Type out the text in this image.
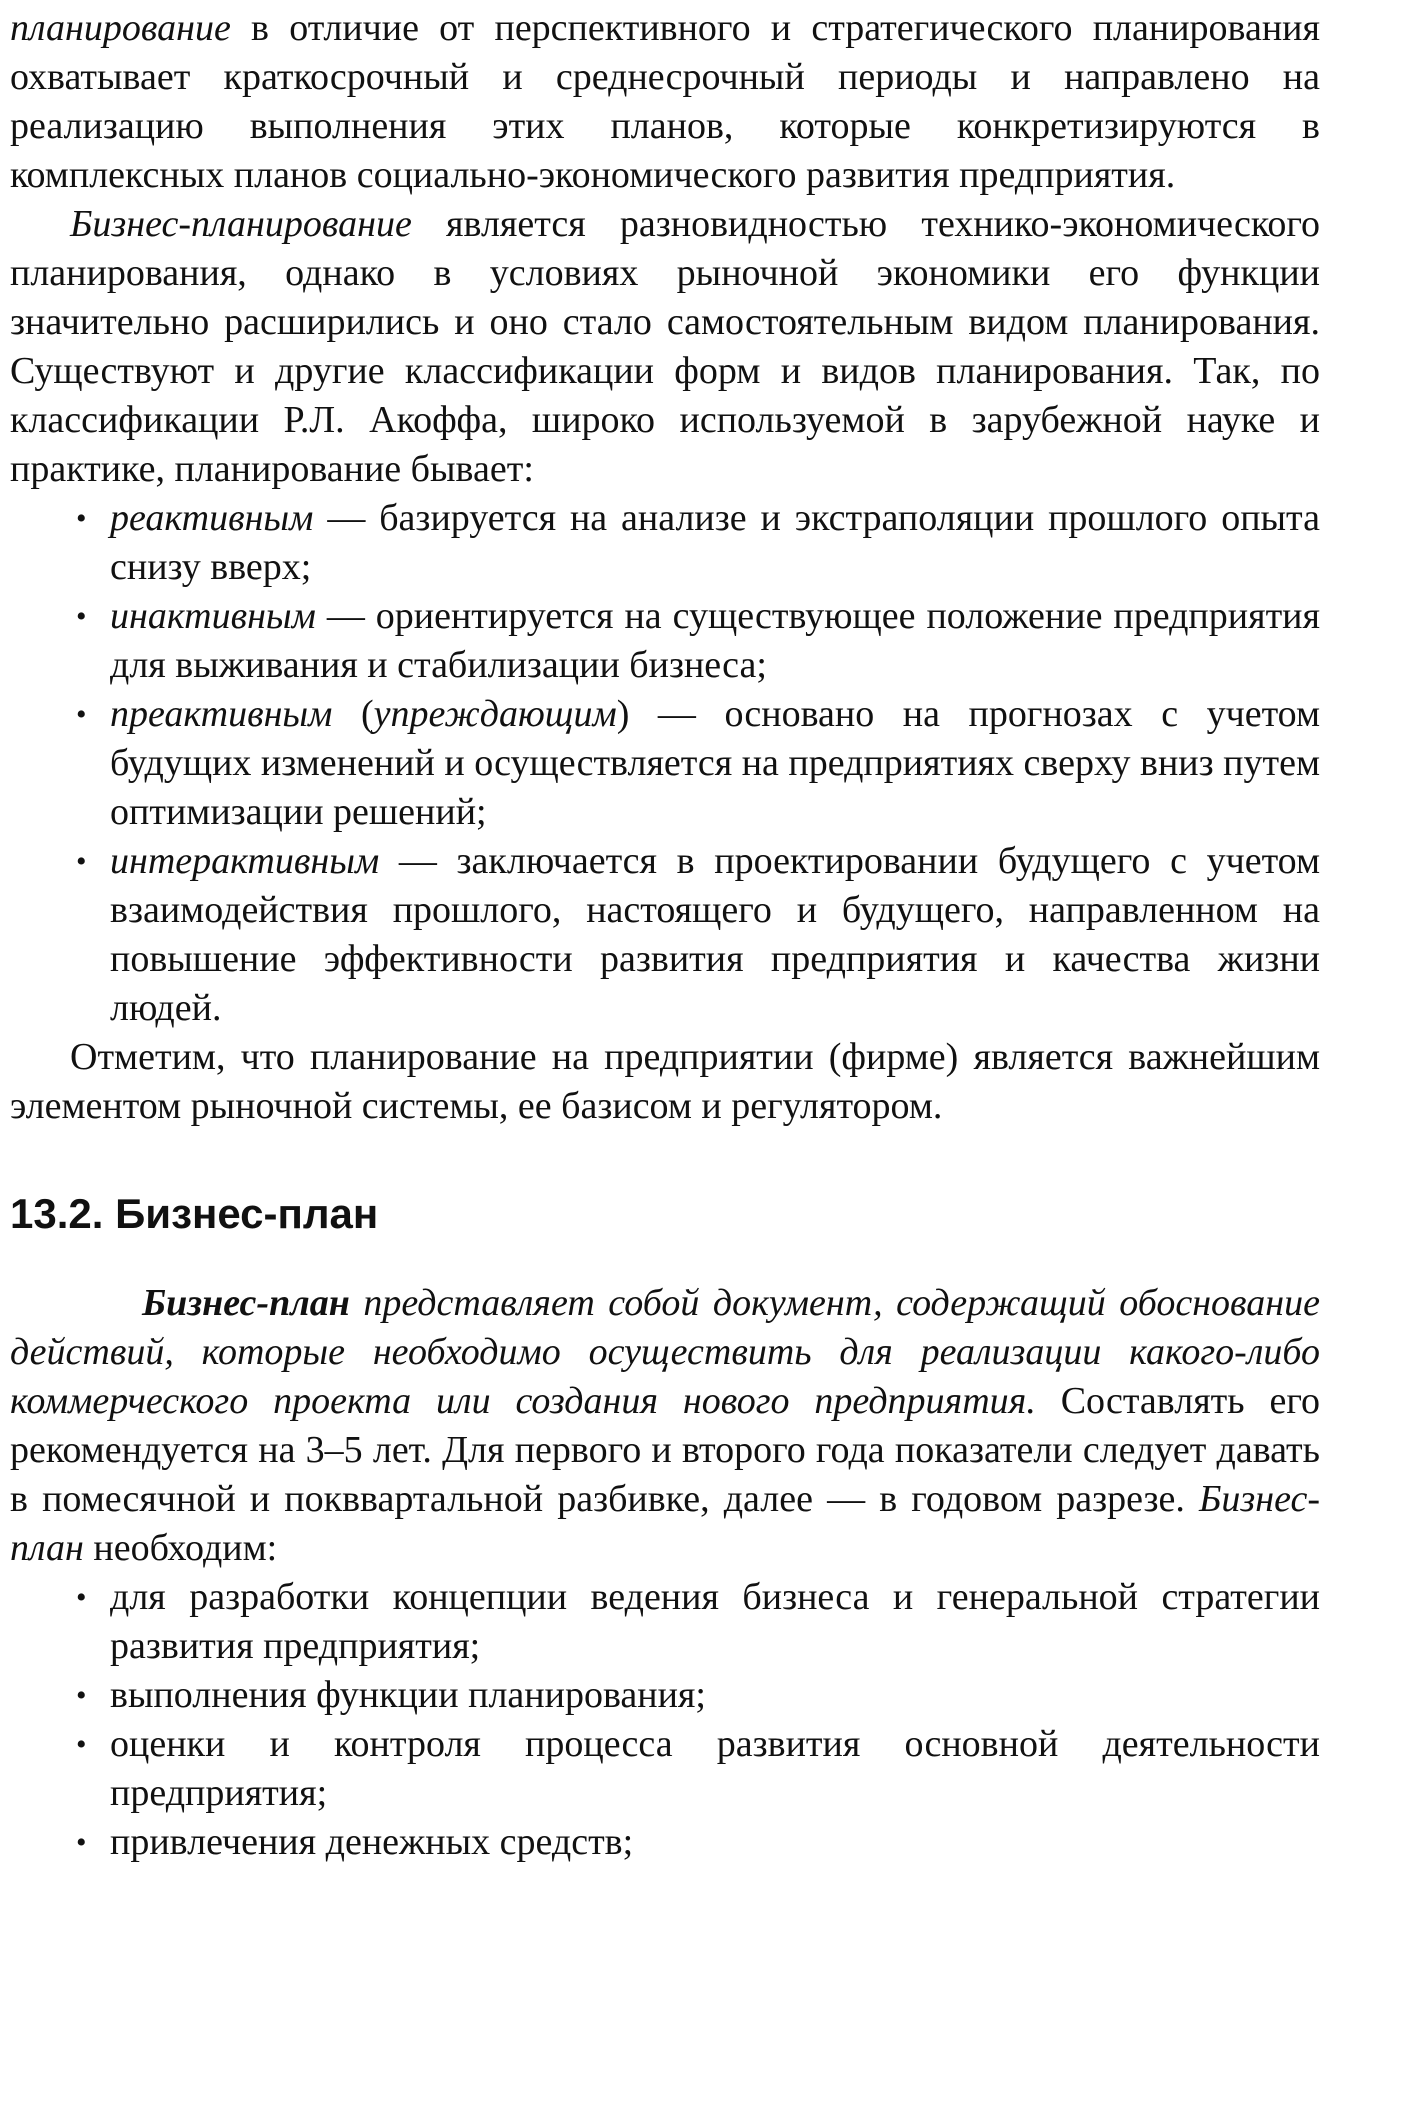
планирование в отличие от перспективного и стратегического планирования охватывает краткосрочный и среднесрочный периоды и направлено на реализацию выполнения этих планов, которые конкретизируются в комплексных планов социально-экономического развития предприятия.

Бизнес-планирование является разновидностью технико-экономического планирования, однако в условиях рыночной экономики его функции значительно расширились и оно стало самостоятельным видом планирования. Существуют и другие классификации форм и видов планирования. Так, по классификации Р.Л. Акоффа, широко используемой в зарубежной науке и практике, планирование бывает:

• реактивным — базируется на анализе и экстраполяции прошлого опыта снизу вверх;
• инактивным — ориентируется на существующее положение предприятия для выживания и стабилизации бизнеса;
• преактивным (упреждающим) — основано на прогнозах с учетом будущих изменений и осуществляется на предприятиях сверху вниз путем оптимизации решений;
• интерактивным — заключается в проектировании будущего с учетом взаимодействия прошлого, настоящего и будущего, направленном на повышение эффективности развития предприятия и качества жизни людей.

Отметим, что планирование на предприятии (фирме) является важнейшим элементом рыночной системы, ее базисом и регулятором.

13.2. Бизнес-план

Бизнес-план представляет собой документ, содержащий обоснование действий, которые необходимо осуществить для реализации какого-либо коммерческого проекта или создания нового предприятия. Составлять его рекомендуется на 3–5 лет. Для первого и второго года показатели следует давать в помесячной и покввартальной разбивке, далее — в годовом разрезе. Бизнес-план необходим:

• для разработки концепции ведения бизнеса и генеральной стратегии развития предприятия;
• выполнения функции планирования;
• оценки и контроля процесса развития основной деятельности предприятия;
• привлечения денежных средств;
